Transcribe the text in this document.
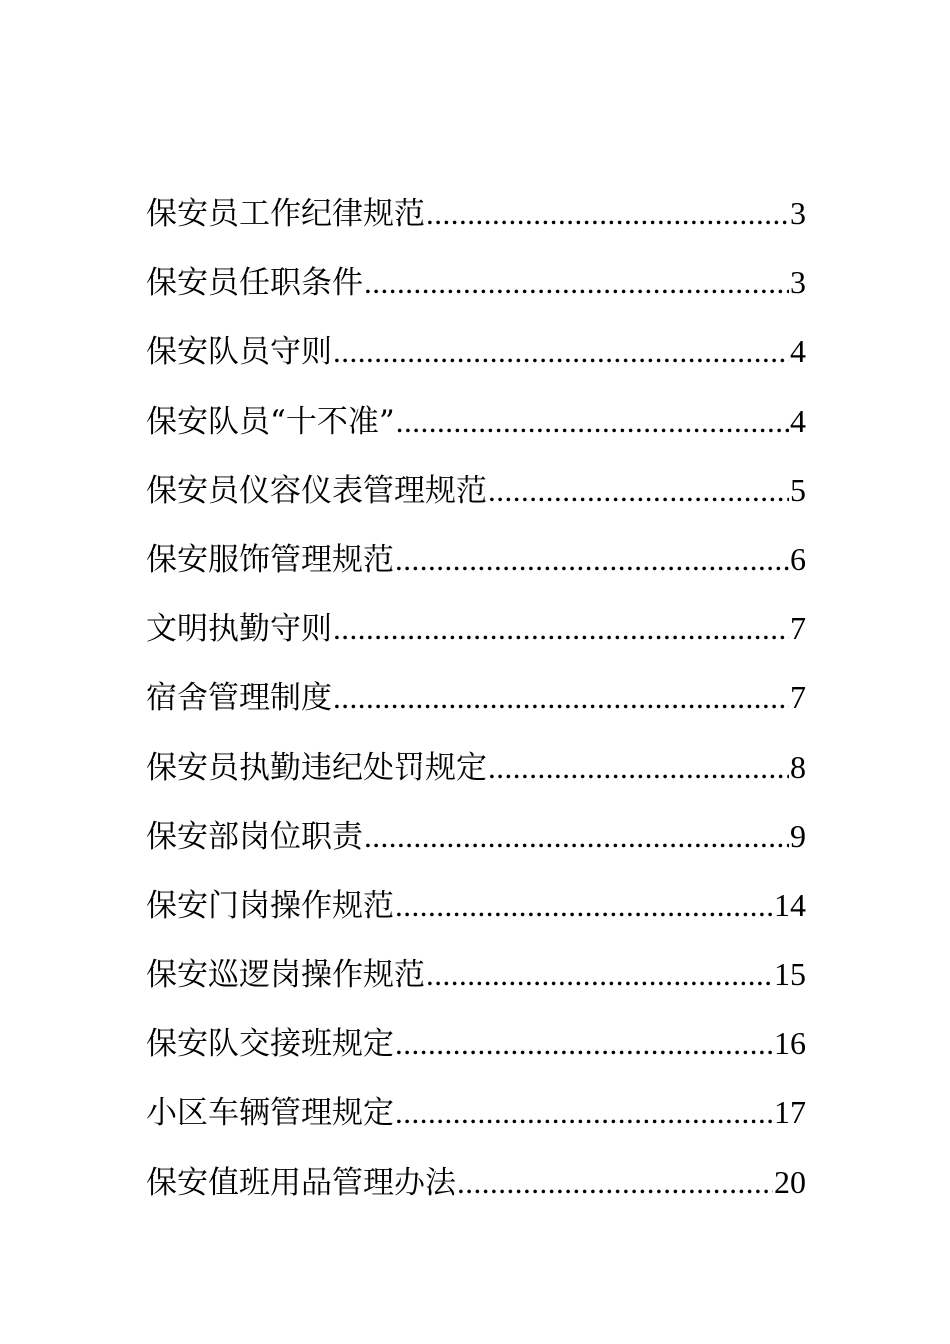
保安员工作纪律规范 .....	3
保安员任职条件 .....	3
保安队员守则 .....	4
保安队员“十不准” .....	4
保安员仪容仪表管理规范 .....	5
保安服饰管理规范 .....	6
文明执勤守则 .....	7
宿舍管理制度 .....	7
保安员执勤违纪处罚规定 .....	8
保安部岗位职责 .....	9
保安门岗操作规范 .....	14
保安巡逻岗操作规范 .....	15
保安队交接班规定 .....	16
小区车辆管理规定 .....	17
保安值班用品管理办法 .....	20
